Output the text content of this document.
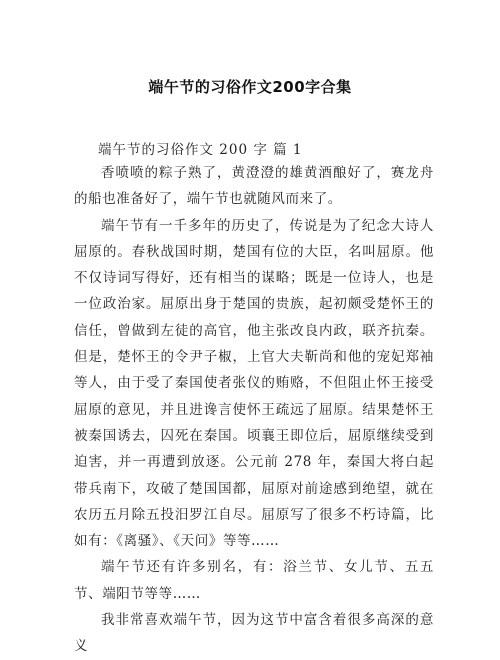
端午节的习俗作文200字合集
端午节的习俗作文 200 字 篇 1

香喷喷的粽子熟了，黄澄澄的雄黄酒酿好了，赛龙舟的船也准备好了，端午节也就随风而来了。

端午节有一千多年的历史了，传说是为了纪念大诗人屈原的。春秋战国时期，楚国有位的大臣，名叫屈原。他不仅诗词写得好，还有相当的谋略；既是一位诗人，也是一位政治家。屈原出身于楚国的贵族，起初颇受楚怀王的信任，曾做到左徒的高官，他主张改良内政，联齐抗秦。但是，楚怀王的令尹子椒，上官大夫靳尚和他的宠妃郑袖等人，由于受了秦国使者张仪的贿赂，不但阻止怀王接受屈原的意见，并且进谗言使怀王疏远了屈原。结果楚怀王被秦国诱去，囚死在秦国。顷襄王即位后，屈原继续受到迫害，并一再遭到放逐。公元前 278 年，秦国大将白起带兵南下，攻破了楚国国都，屈原对前途感到绝望，就在农历五月除五投汨罗江自尽。屈原写了很多不朽诗篇，比如有：《离骚》、《天问》等等……

端午节还有许多别名，有：浴兰节、女儿节、五五节、端阳节等等……

我非常喜欢端午节，因为这节中富含着很多高深的意义
